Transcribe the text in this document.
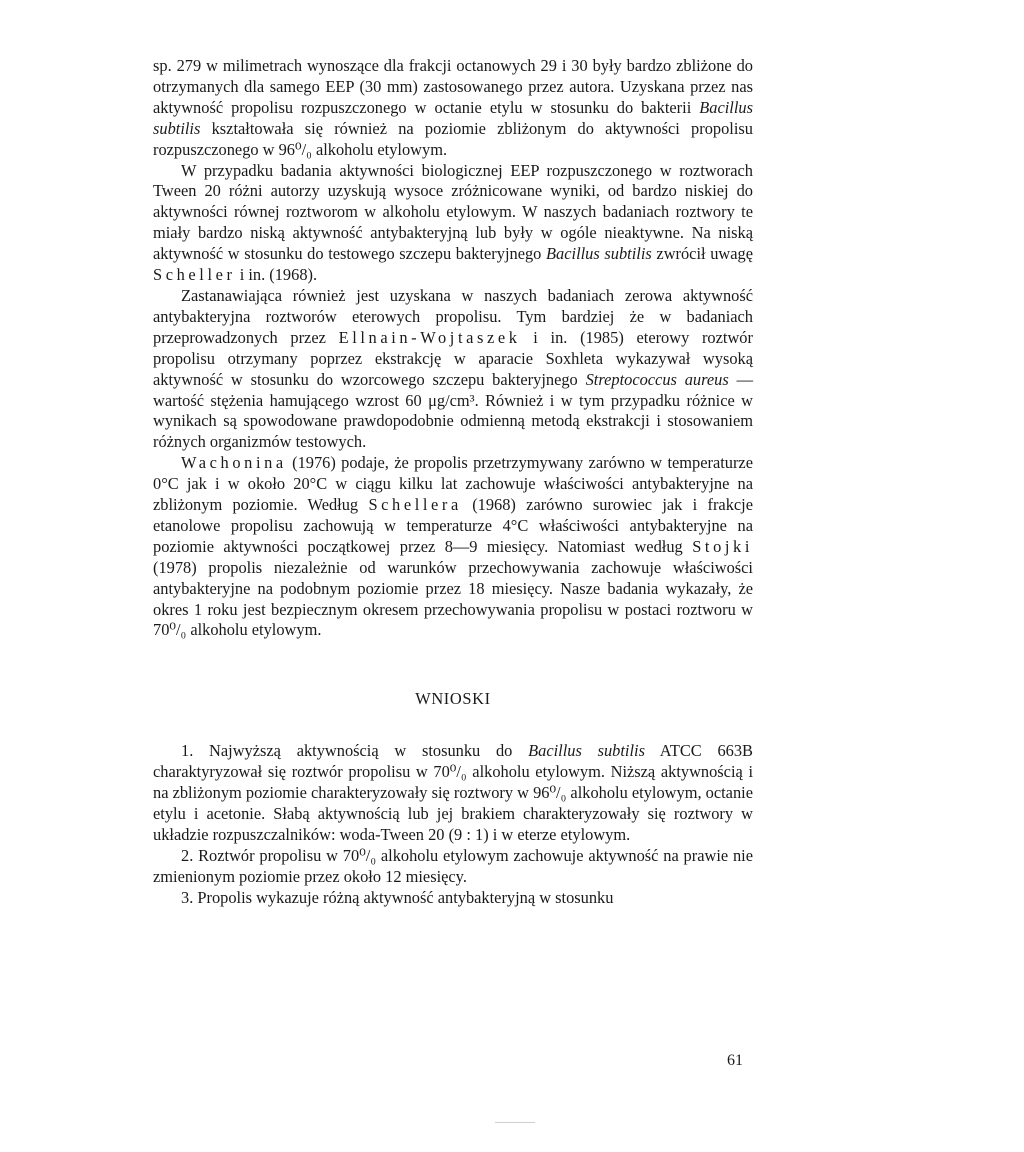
sp. 279 w milimetrach wynoszące dla frakcji octanowych 29 i 30 były bardzo zbliżone do otrzymanych dla samego EEP (30 mm) zastosowanego przez autora. Uzyskana przez nas aktywność propolisu rozpuszczonego w octanie etylu w stosunku do bakterii Bacillus subtilis kształtowała się również na poziomie zbliżonym do aktywności propolisu rozpuszczonego w 96⁰/₀ alkoholu etylowym.

W przypadku badania aktywności biologicznej EEP rozpuszczonego w roztworach Tween 20 różni autorzy uzyskują wysoce zróżnicowane wyniki, od bardzo niskiej do aktywności równej roztworom w alkoholu etylowym. W naszych badaniach roztwory te miały bardzo niską aktywność antybakteryjną lub były w ogóle nieaktywne. Na niską aktywność w stosunku do testowego szczepu bakteryjnego Bacillus subtilis zwrócił uwagę Scheller i in. (1968).

Zastanawiająca również jest uzyskana w naszych badaniach zerowa aktywność antybakteryjna roztworów eterowych propolisu. Tym bardziej że w badaniach przeprowadzonych przez Ellnain-Wojtaszek i in. (1985) eterowy roztwór propolisu otrzymany poprzez ekstrakcję w aparacie Soxhleta wykazywał wysoką aktywność w stosunku do wzorcowego szczepu bakteryjnego Streptococcus aureus — wartość stężenia hamującego wzrost 60 μg/cm³. Również i w tym przypadku różnice w wynikach są spowodowane prawdopodobnie odmienną metodą ekstrakcji i stosowaniem różnych organizmów testowych.

Wachonina (1976) podaje, że propolis przetrzymywany zarówno w temperaturze 0°C jak i w około 20°C w ciągu kilku lat zachowuje właściwości antybakteryjne na zbliżonym poziomie. Według Schellera (1968) zarówno surowiec jak i frakcje etanolowe propolisu zachowują w temperaturze 4°C właściwości antybakteryjne na poziomie aktywności początkowej przez 8—9 miesięcy. Natomiast według Stojki (1978) propolis niezależnie od warunków przechowywania zachowuje właściwości antybakteryjne na podobnym poziomie przez 18 miesięcy. Nasze badania wykazały, że okres 1 roku jest bezpiecznym okresem przechowywania propolisu w postaci roztworu w 70⁰/₀ alkoholu etylowym.

WNIOSKI

1. Najwyższą aktywnością w stosunku do Bacillus subtilis ATCC 663B charaktyryzował się roztwór propolisu w 70⁰/₀ alkoholu etylowym. Niższą aktywnością i na zbliżonym poziomie charakteryzowały się roztwory w 96⁰/₀ alkoholu etylowym, octanie etylu i acetonie. Słabą aktywnością lub jej brakiem charakteryzowały się roztwory w układzie rozpuszczalników: woda-Tween 20 (9 : 1) i w eterze etylowym.

2. Roztwór propolisu w 70⁰/₀ alkoholu etylowym zachowuje aktywność na prawie nie zmienionym poziomie przez około 12 miesięcy.

3. Propolis wykazuje różną aktywność antybakteryjną w stosunku

61
